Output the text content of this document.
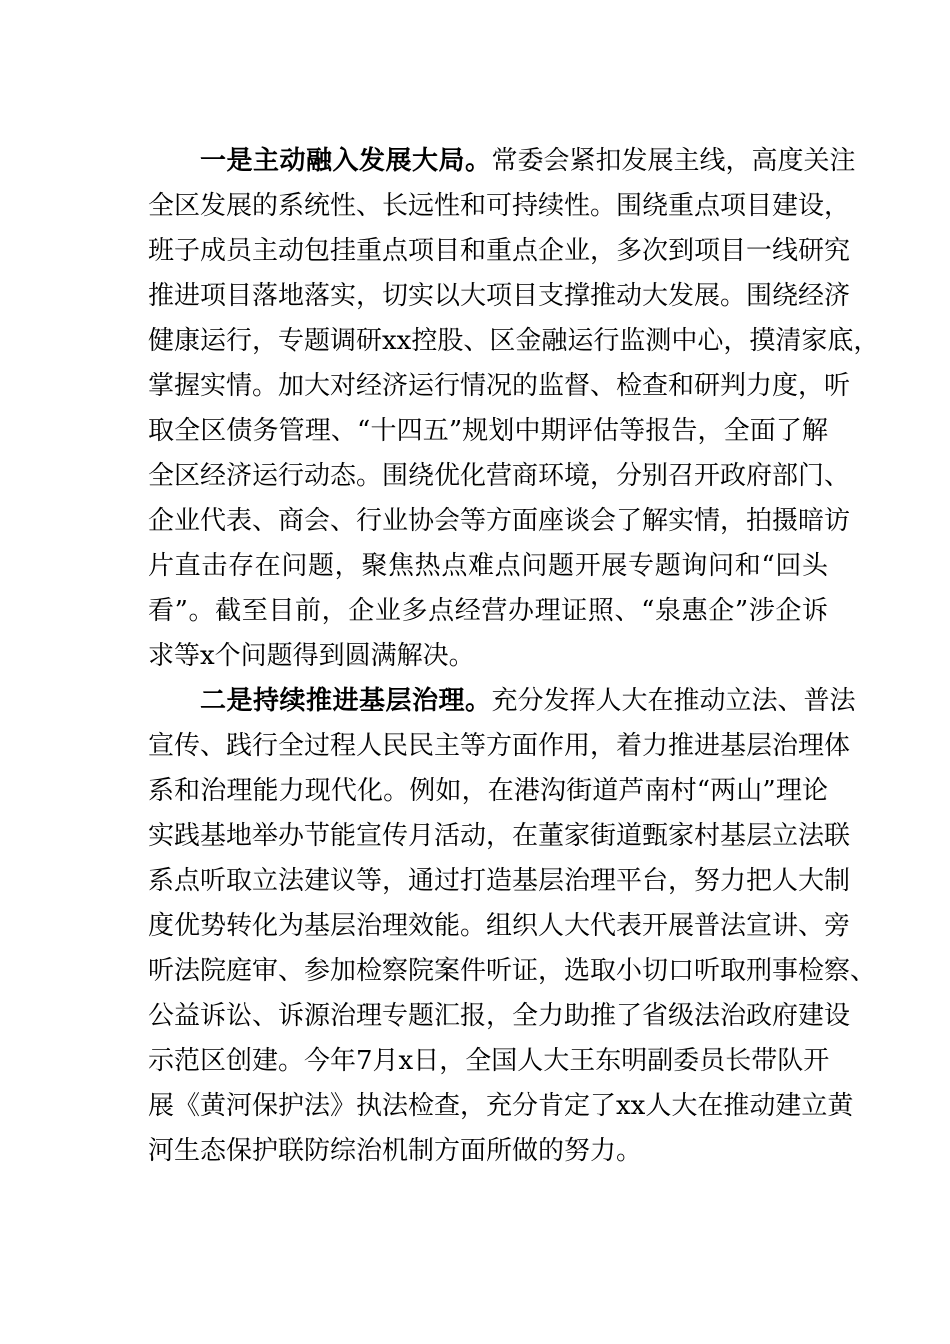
一是主动融入发展大局。常委会紧扣发展主线，高度关注
全区发展的系统性、长远性和可持续性。围绕重点项目建设，
班子成员主动包挂重点项目和重点企业，多次到项目一线研究
推进项目落地落实，切实以大项目支撑推动大发展。围绕经济
健康运行，专题调研xx控股、区金融运行监测中心，摸清家底，
掌握实情。加大对经济运行情况的监督、检查和研判力度，听
取全区债务管理、“十四五”规划中期评估等报告，全面了解
全区经济运行动态。围绕优化营商环境，分别召开政府部门、
企业代表、商会、行业协会等方面座谈会了解实情，拍摄暗访
片直击存在问题，聚焦热点难点问题开展专题询问和“回头
看”。截至目前，企业多点经营办理证照、“泉惠企”涉企诉
求等x个问题得到圆满解决。
二是持续推进基层治理。充分发挥人大在推动立法、普法
宣传、践行全过程人民民主等方面作用，着力推进基层治理体
系和治理能力现代化。例如，在港沟街道芦南村“两山”理论
实践基地举办节能宣传月活动，在董家街道甄家村基层立法联
系点听取立法建议等，通过打造基层治理平台，努力把人大制
度优势转化为基层治理效能。组织人大代表开展普法宣讲、旁
听法院庭审、参加检察院案件听证，选取小切口听取刑事检察、
公益诉讼、诉源治理专题汇报，全力助推了省级法治政府建设
示范区创建。今年7月x日，全国人大王东明副委员长带队开
展《黄河保护法》执法检查，充分肯定了xx人大在推动建立黄
河生态保护联防综治机制方面所做的努力。
